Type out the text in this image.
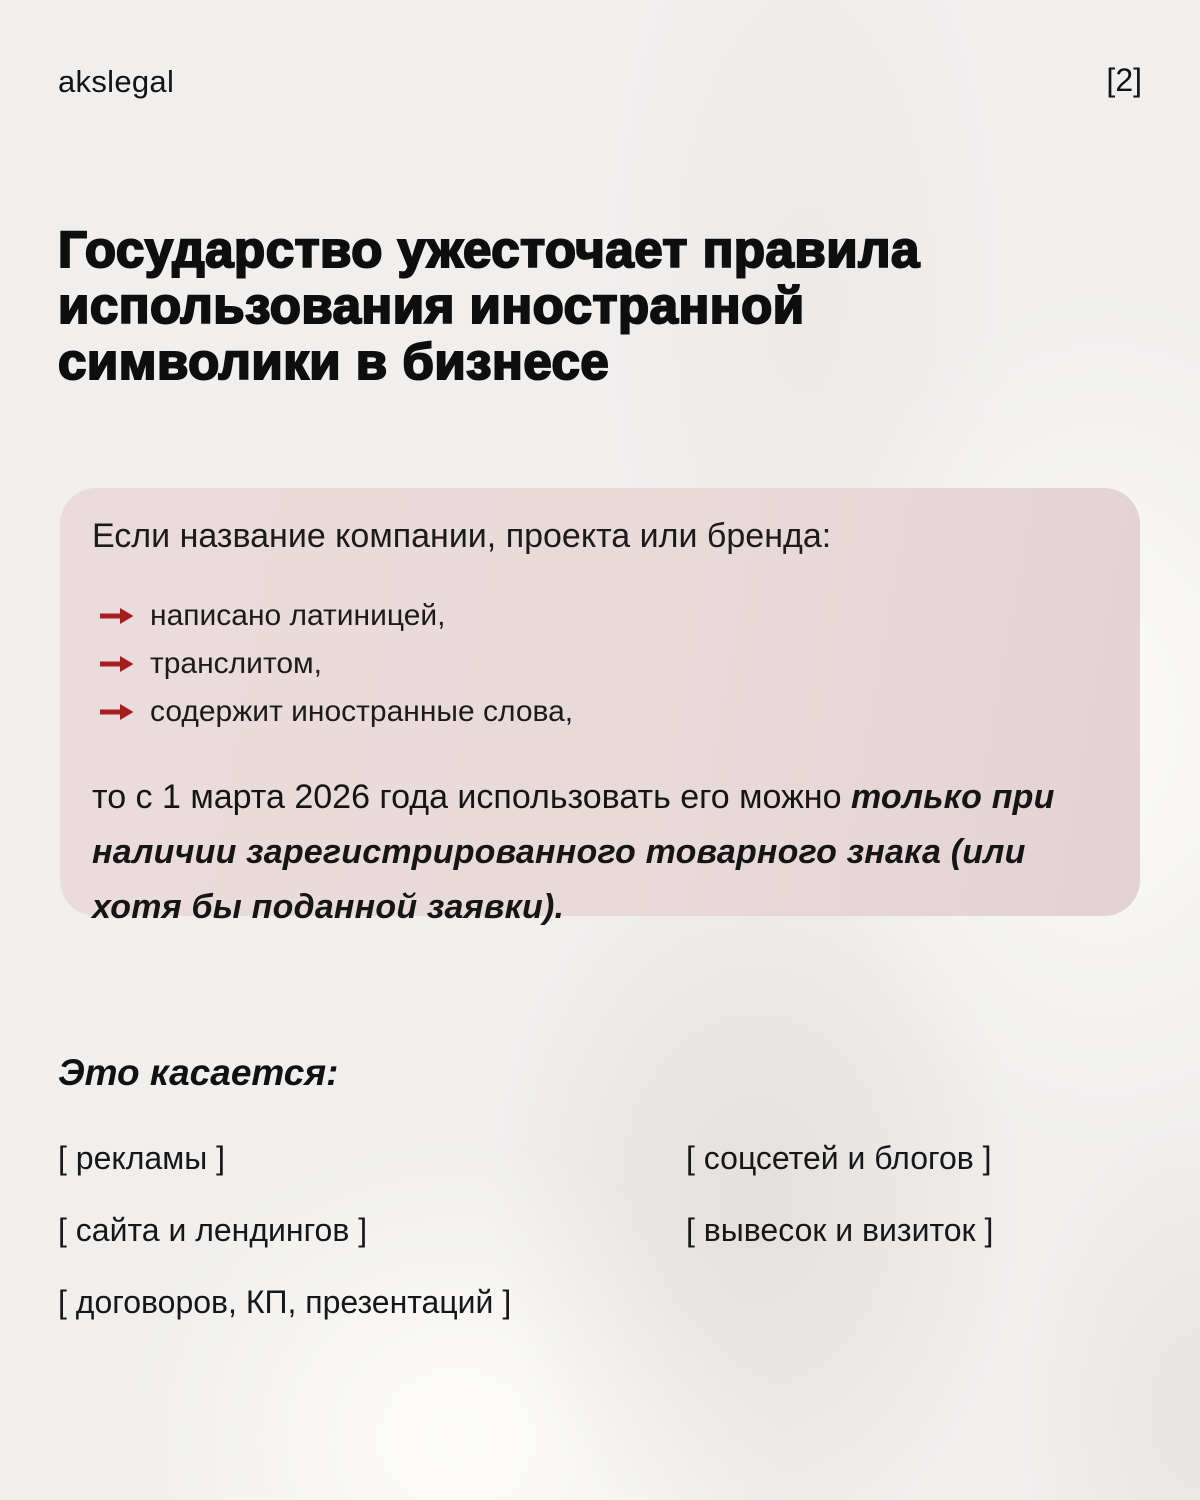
akslegal	[2]
Государство ужесточает правила
использования иностранной
символики в бизнесе
Если название компании, проекта или бренда:
написано латиницей,
транслитом,
содержит иностранные слова,
то с 1 марта 2026 года использовать его можно только при наличии зарегистрированного товарного знака (или хотя бы поданной заявки).
Это касается:
[ рекламы ]	[ соцсетей и блогов ]
[ сайта и лендингов ]	[ вывесок и визиток ]
[ договоров, КП, презентаций ]
